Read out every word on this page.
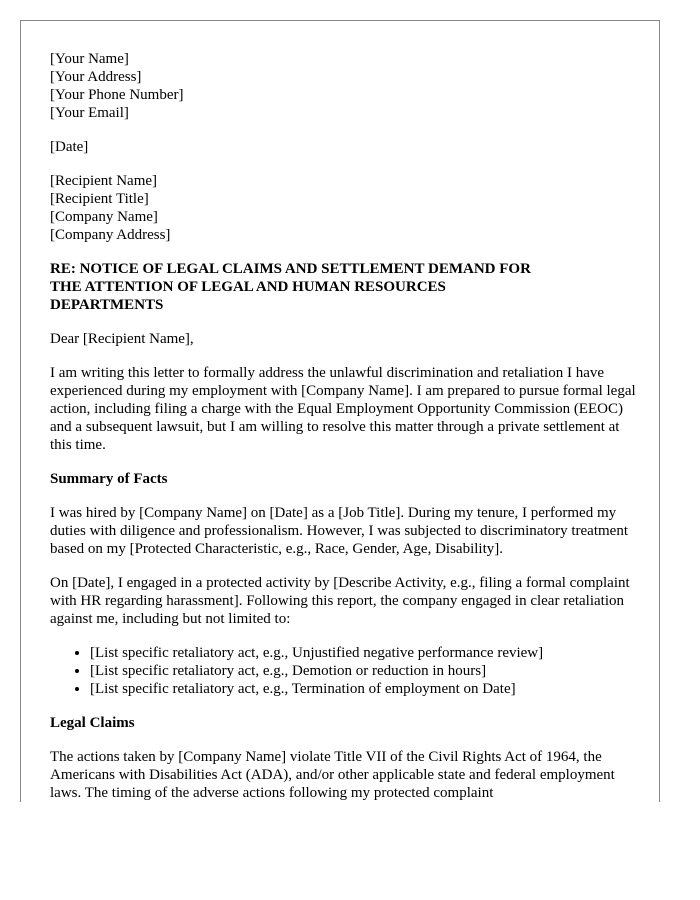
[Your Name]
[Your Address]
[Your Phone Number]
[Your Email]

[Date]

[Recipient Name]
[Recipient Title]
[Company Name]
[Company Address]
RE: NOTICE OF LEGAL CLAIMS AND SETTLEMENT DEMAND FOR THE ATTENTION OF LEGAL AND HUMAN RESOURCES DEPARTMENTS

Dear [Recipient Name],

I am writing this letter to formally address the unlawful discrimination and retaliation I have experienced during my employment with [Company Name]. I am prepared to pursue formal legal action, including filing a charge with the Equal Employment Opportunity Commission (EEOC) and a subsequent lawsuit, but I am willing to resolve this matter through a private settlement at this time.

Summary of Facts

I was hired by [Company Name] on [Date] as a [Job Title]. During my tenure, I performed my duties with diligence and professionalism. However, I was subjected to discriminatory treatment based on my [Protected Characteristic, e.g., Race, Gender, Age, Disability].

On [Date], I engaged in a protected activity by [Describe Activity, e.g., filing a formal complaint with HR regarding harassment]. Following this report, the company engaged in clear retaliation against me, including but not limited to:

• [List specific retaliatory act, e.g., Unjustified negative performance review]
• [List specific retaliatory act, e.g., Demotion or reduction in hours]
• [List specific retaliatory act, e.g., Termination of employment on Date]
Legal Claims

The actions taken by [Company Name] violate Title VII of the Civil Rights Act of 1964, the Americans with Disabilities Act (ADA), and/or other applicable state and federal employment laws. The timing of the adverse actions following my protected complaint
